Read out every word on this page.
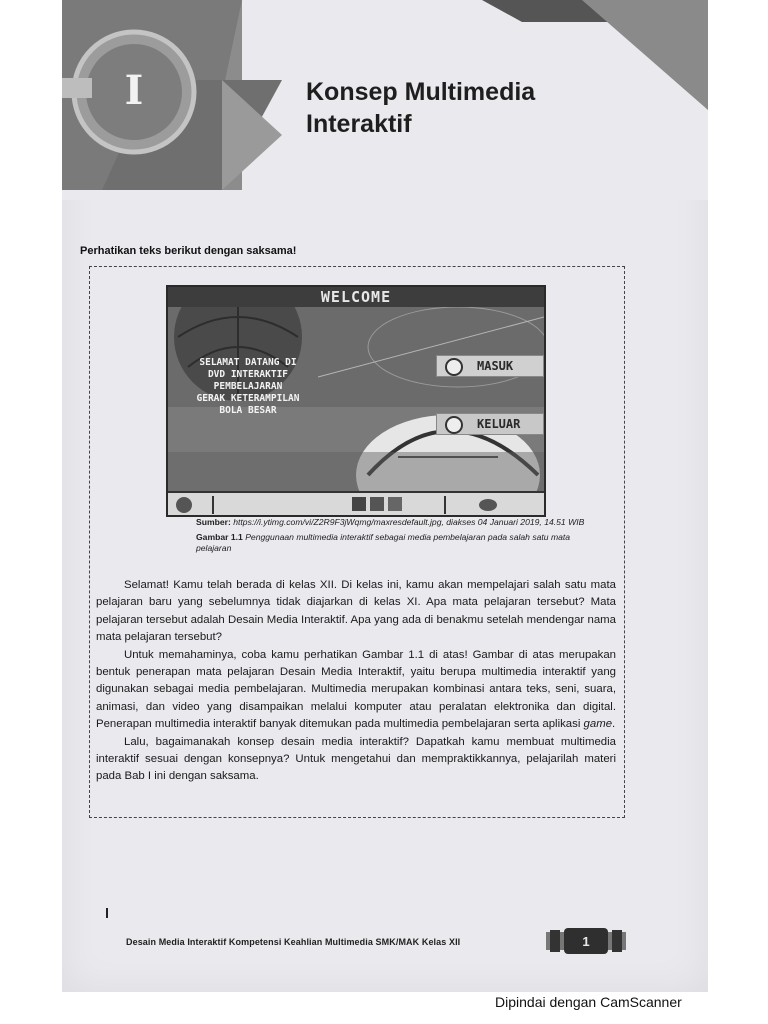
I	Konsep Multimedia
Interaktif
Perhatikan teks berikut dengan saksama!
WELCOME
SELAMAT DATANG DI
DVD INTERAKTIF
PEMBELAJARAN
GERAK KETERAMPILAN
BOLA BESAR
MASUK
KELUAR
Sumber: https://i.ytimg.com/vi/Z2R9F3jWqmg/maxresdefault.jpg, diakses 04 Januari 2019, 14.51 WIB
Gambar 1.1 Penggunaan multimedia interaktif sebagai media pembelajaran pada salah satu mata pelajaran

Selamat! Kamu telah berada di kelas XII. Di kelas ini, kamu akan mempelajari salah satu mata pelajaran baru yang sebelumnya tidak diajarkan di kelas XI. Apa mata pelajaran tersebut? Mata pelajaran tersebut adalah Desain Media Interaktif. Apa yang ada di benakmu setelah mendengar nama mata pelajaran tersebut?

Untuk memahaminya, coba kamu perhatikan Gambar 1.1 di atas! Gambar di atas merupakan bentuk penerapan mata pelajaran Desain Media Interaktif, yaitu berupa multimedia interaktif yang digunakan sebagai media pembelajaran. Multimedia merupakan kombinasi antara teks, seni, suara, animasi, dan video yang disampaikan melalui komputer atau peralatan elektronika dan digital. Penerapan multimedia interaktif banyak ditemukan pada multimedia pembelajaran serta aplikasi game.

Lalu, bagaimanakah konsep desain media interaktif? Dapatkah kamu membuat multimedia interaktif sesuai dengan konsepnya? Untuk mengetahui dan mempraktikkannya, pelajarilah materi pada Bab I ini dengan saksama.

Desain Media Interaktif Kompetensi Keahlian Multimedia SMK/MAK Kelas XII	1
Dipindai dengan CamScanner
